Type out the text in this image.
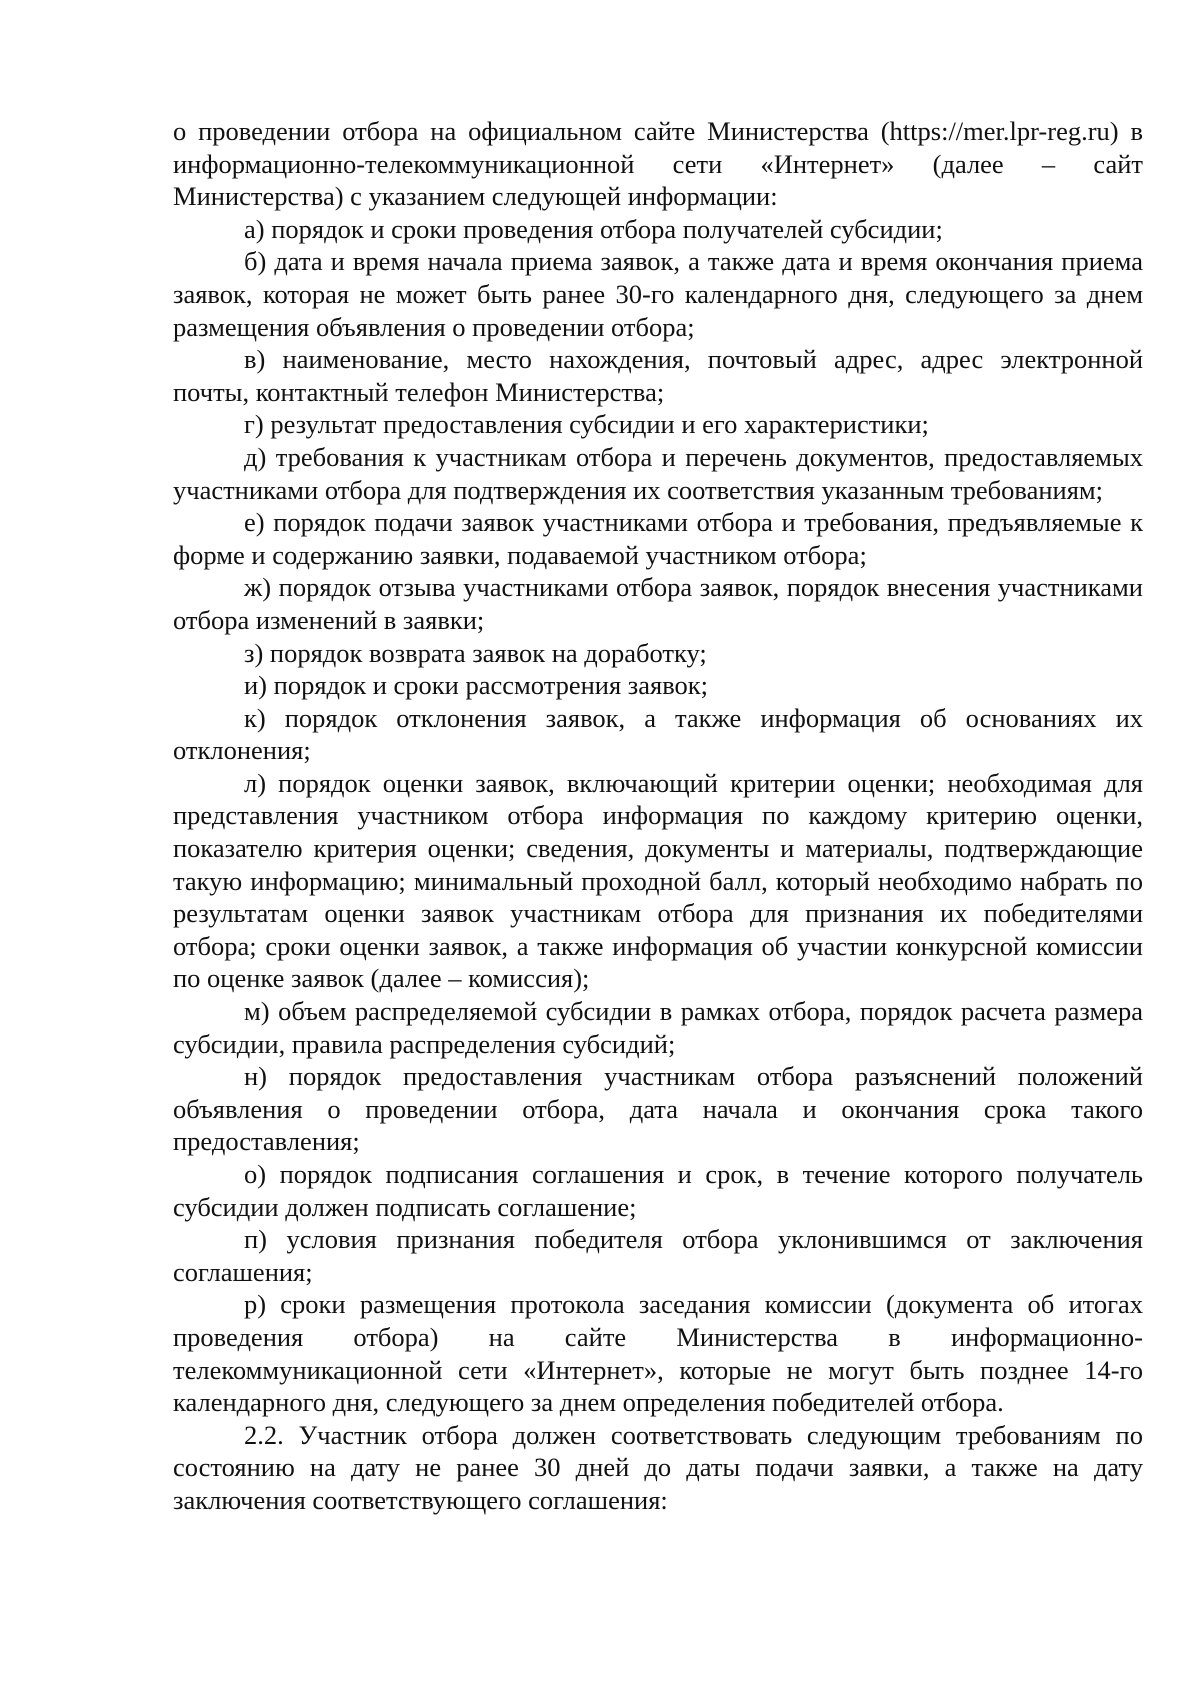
о проведении отбора на официальном сайте Министерства (https://mer.lpr-reg.ru) в информационно-телекоммуникационной сети «Интернет» (далее – сайт Министерства) с указанием следующей информации:

а) порядок и сроки проведения отбора получателей субсидии;

б) дата и время начала приема заявок, а также дата и время окончания приема заявок, которая не может быть ранее 30-го календарного дня, следующего за днем размещения объявления о проведении отбора;

в) наименование, место нахождения, почтовый адрес, адрес электронной почты, контактный телефон Министерства;

г) результат предоставления субсидии и его характеристики;

д) требования к участникам отбора и перечень документов, предоставляемых участниками отбора для подтверждения их соответствия указанным требованиям;

е) порядок подачи заявок участниками отбора и требования, предъявляемые к форме и содержанию заявки, подаваемой участником отбора;

ж) порядок отзыва участниками отбора заявок, порядок внесения участниками отбора изменений в заявки;

з) порядок возврата заявок на доработку;

и) порядок и сроки рассмотрения заявок;

к) порядок отклонения заявок, а также информация об основаниях их отклонения;

л) порядок оценки заявок, включающий критерии оценки; необходимая для представления участником отбора информация по каждому критерию оценки, показателю критерия оценки; сведения, документы и материалы, подтверждающие такую информацию; минимальный проходной балл, который необходимо набрать по результатам оценки заявок участникам отбора для признания их победителями отбора; сроки оценки заявок, а также информация об участии конкурсной комиссии по оценке заявок (далее – комиссия);

м) объем распределяемой субсидии в рамках отбора, порядок расчета размера субсидии, правила распределения субсидий;

н) порядок предоставления участникам отбора разъяснений положений объявления о проведении отбора, дата начала и окончания срока такого предоставления;

о) порядок подписания соглашения и срок, в течение которого получатель субсидии должен подписать соглашение;

п) условия признания победителя отбора уклонившимся от заключения соглашения;

р) сроки размещения протокола заседания комиссии (документа об итогах проведения отбора) на сайте Министерства в информационно-телекоммуникационной сети «Интернет», которые не могут быть позднее 14-го календарного дня, следующего за днем определения победителей отбора.

2.2. Участник отбора должен соответствовать следующим требованиям по состоянию на дату не ранее 30 дней до даты подачи заявки, а также на дату заключения соответствующего соглашения:
